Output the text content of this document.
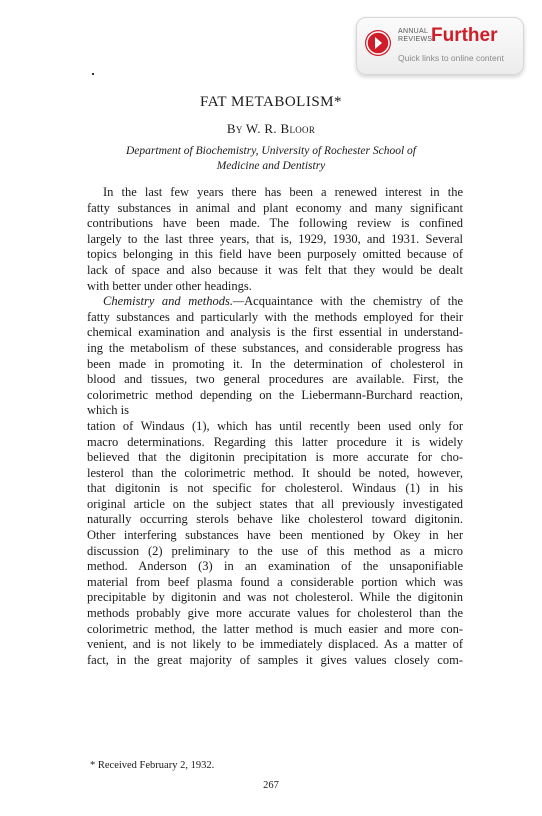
ANNUAL
REVIEWS
Further
Quick links to online content
FAT METABOLISM*
By W. R. Bloor
Department of Biochemistry, University of Rochester School of
Medicine and Dentistry
In the last few years there has been a renewed interest in the
fatty substances in animal and plant economy and many significant
contributions have been made. The following review is confined
largely to the last three years, that is, 1929, 1930, and 1931. Several
topics belonging in this field have been purposely omitted because of
lack of space and also because it was felt that they would be dealt
with better under other headings.
Chemistry and methods.—Acquaintance with the chemistry of the
fatty substances and particularly with the methods employed for their
chemical examination and analysis is the first essential in understand-
ing the metabolism of these substances, and considerable progress has
been made in promoting it. In the determination of cholesterol in
blood and tissues, two general procedures are available. First, the
colorimetric method depending on the Liebermann-Burchard reaction,
which is
tation of Windaus (1), which has until recently been used only for
macro determinations. Regarding this latter procedure it is widely
believed that the digitonin precipitation is more accurate for cho-
lesterol than the colorimetric method. It should be noted, however,
that digitonin is not specific for cholesterol. Windaus (1) in his
original article on the subject states that all previously investigated
naturally occurring sterols behave like cholesterol toward digitonin.
Other interfering substances have been mentioned by Okey in her
discussion (2) preliminary to the use of this method as a micro
method. Anderson (3) in an examination of the unsaponifiable
material from beef plasma found a considerable portion which was
precipitable by digitonin and was not cholesterol. While the digitonin
methods probably give more accurate values for cholesterol than the
colorimetric method, the latter method is much easier and more con-
venient, and is not likely to be immediately displaced. As a matter of
fact, in the great majority of samples it gives values closely com-
* Received February 2, 1932.
267
